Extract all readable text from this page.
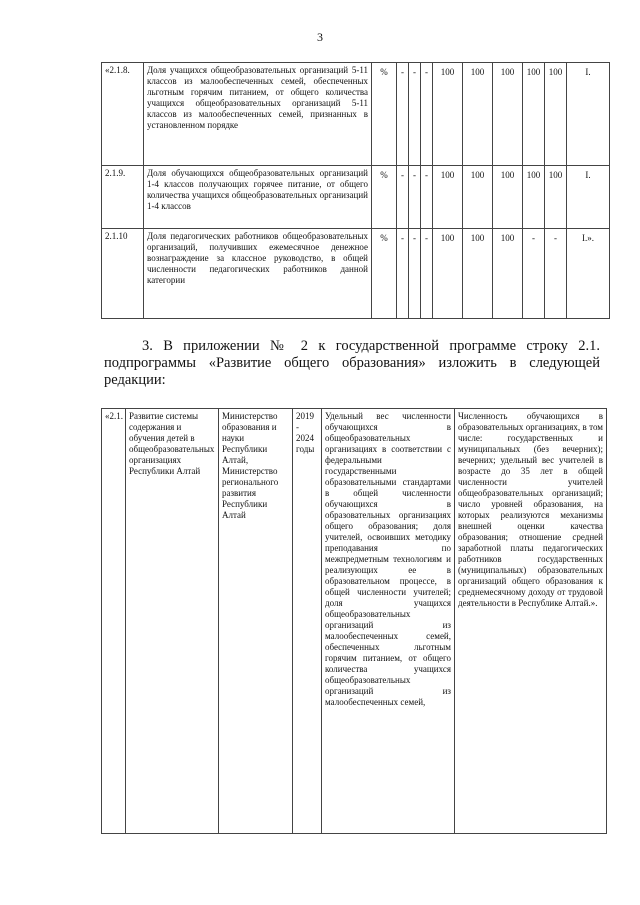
3
«2.1.8.	Доля учащихся общеобразовательных организаций 5-11 классов из малообеспеченных семей, обеспеченных льготным горячим питанием, от общего количества учащихся общеобразовательных организаций 5-11 классов из малообеспеченных семей, признанных в установленном порядке	%	-	-	-	100	100	100	100	100	I.
2.1.9.	Доля обучающихся общеобразовательных организаций 1-4 классов получающих горячее питание, от общего количества учащихся общеобразовательных организаций 1-4 классов	%	-	-	-	100	100	100	100	100	I.
2.1.10	Доля педагогических работников общеобразовательных организаций, получивших ежемесячное денежное вознаграждение за классное руководство, в общей численности педагогических работников данной категории	%	-	-	-	100	100	100	-	-	I.».

3. В приложении № 2 к государственной программе строку 2.1. подпрограммы «Развитие общего образования» изложить в следующей редакции:

«2.1.	Развитие системы содержания и обучения детей в общеобразовательных организациях Республики Алтай	Министерство образования и науки Республики Алтай, Министерство регионального развития Республики Алтай	2019 - 2024 годы	Удельный вес численности обучающихся в общеобразовательных организациях в соответствии с федеральными государственными образовательными стандартами в общей численности обучающихся в образовательных организациях общего образования; доля учителей, освоивших методику преподавания по межпредметным технологиям и реализующих ее в образовательном процессе, в общей численности учителей; доля учащихся общеобразовательных организаций из малообеспеченных семей, обеспеченных льготным горячим питанием, от общего количества учащихся общеобразовательных организаций из малообеспеченных семей,	Численность обучающихся в образовательных организациях, в том числе: государственных и муниципальных (без вечерних); вечерних; удельный вес учителей в возрасте до 35 лет в общей численности учителей общеобразовательных организаций; число уровней образования, на которых реализуются механизмы внешней оценки качества образования; отношение средней заработной платы педагогических работников государственных (муниципальных) образовательных организаций общего образования к среднемесячному доходу от трудовой деятельности в Республике Алтай.».
